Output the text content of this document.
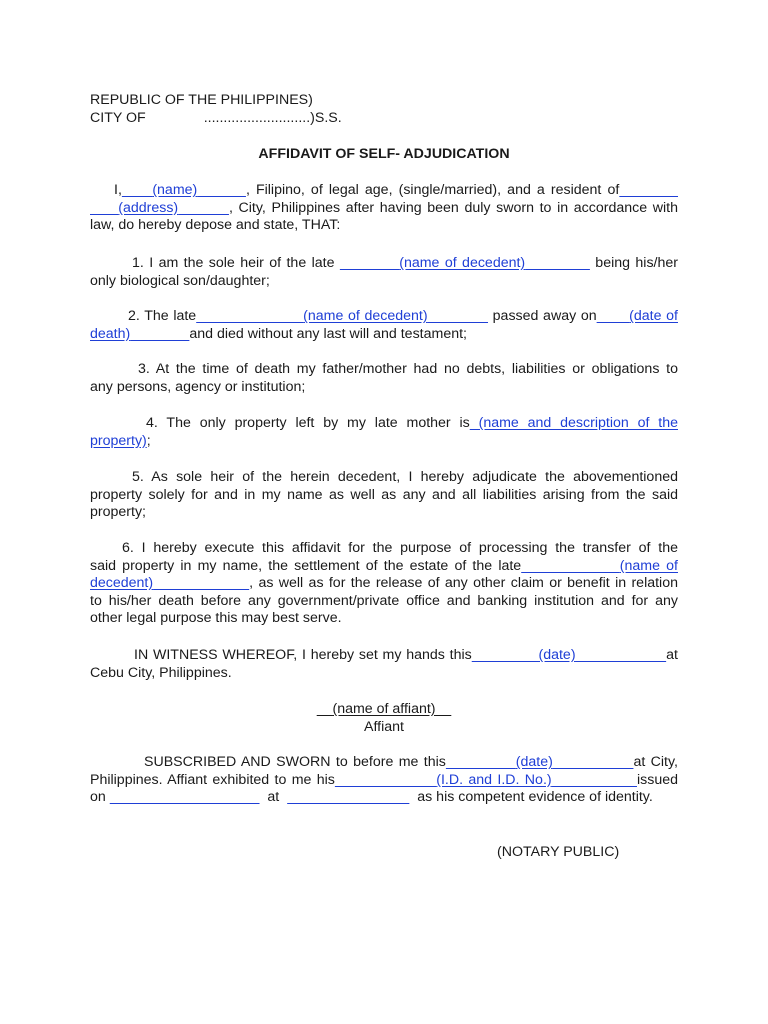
REPUBLIC OF THE PHILIPPINES)
CITY OF	...........................)S.S.
AFFIDAVIT OF SELF- ADJUDICATION
I, (name)	, Filipino, of legal age, (single/married), and a resident of
(address)	, City, Philippines after having been duly sworn to in accordance with
law, do hereby depose and state, THAT:
1. I am the sole heir of the late	(name of decedent)	being his/her
only biological son/daughter;
2. The late	(name of decedent)	passed away on (date of
death)	and died without any last will and testament;
3. At the time of death my father/mother had no debts, liabilities or obligations to
any persons, agency or institution;
4. The only property left by my late mother is (name and description of the
property);
5. As sole heir of the herein decedent, I hereby adjudicate the abovementioned
property solely for and in my name as well as any and all liabilities arising from the said
property;
6. I hereby execute this affidavit for the purpose of processing the transfer of the
said property in my name, the settlement of the estate of the late	(name of
decedent)	, as well as for the release of any other claim or benefit in relation
to his/her death before any government/private office and banking institution and for any
other legal purpose this may best serve.
IN WITNESS WHEREOF, I hereby set my hands this	(date)	at
Cebu City, Philippines.
(name of affiant)
Affiant
SUBSCRIBED AND SWORN to before me this	(date)	at City,
Philippines. Affiant exhibited to me his	(I.D. and I.D. No.)	issued
on	at	as his competent evidence of identity.
(NOTARY PUBLIC)
